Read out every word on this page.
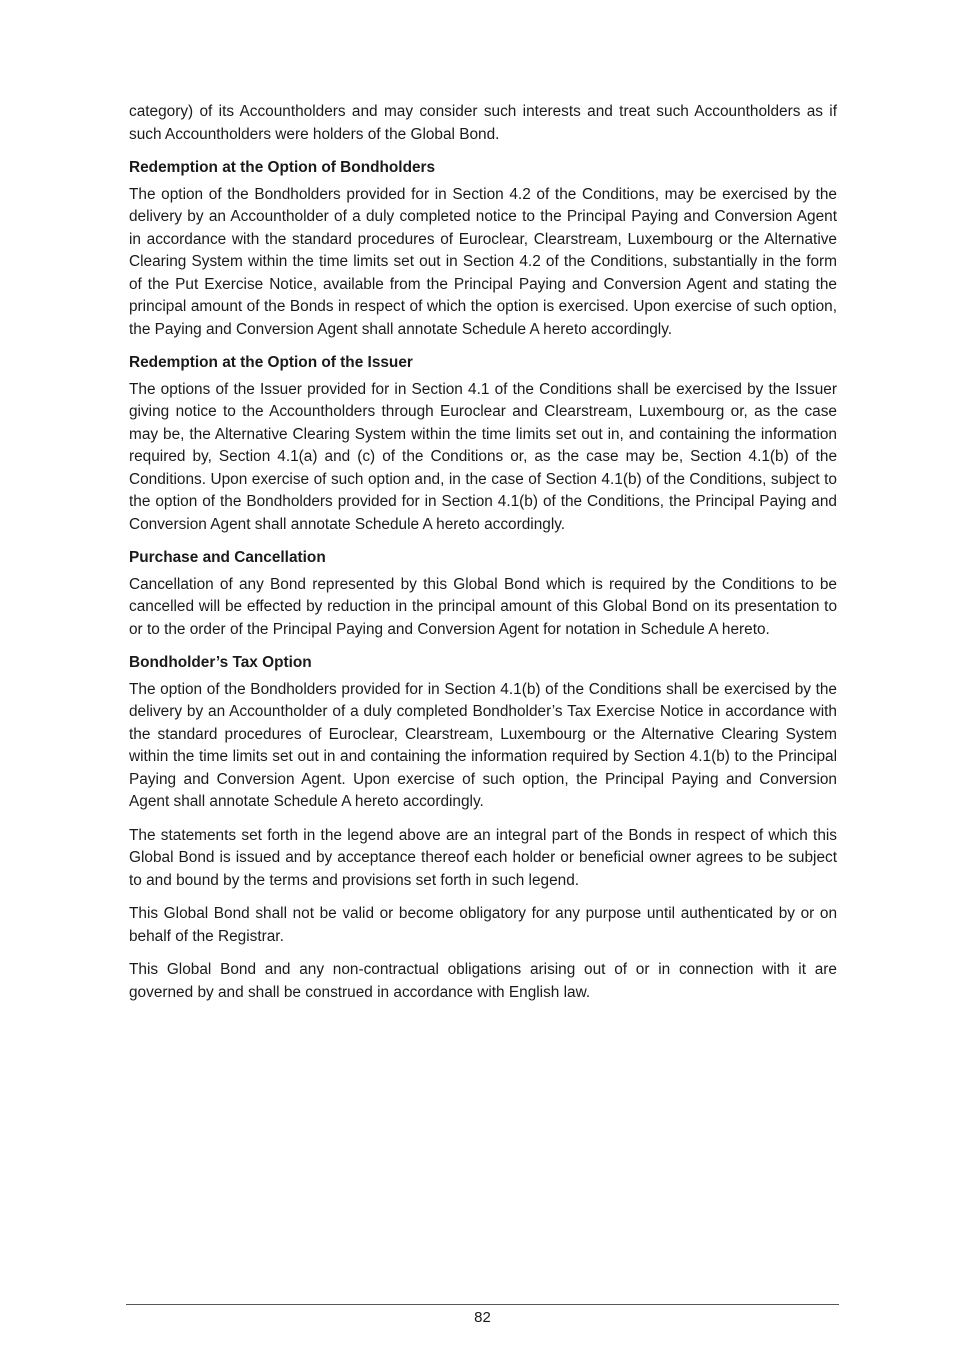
category) of its Accountholders and may consider such interests and treat such Accountholders as if such Accountholders were holders of the Global Bond.

Redemption at the Option of Bondholders

The option of the Bondholders provided for in Section 4.2 of the Conditions, may be exercised by the delivery by an Accountholder of a duly completed notice to the Principal Paying and Conversion Agent in accordance with the standard procedures of Euroclear, Clearstream, Luxembourg or the Alternative Clearing System within the time limits set out in Section 4.2 of the Conditions, substantially in the form of the Put Exercise Notice, available from the Principal Paying and Conversion Agent and stating the principal amount of the Bonds in respect of which the option is exercised. Upon exercise of such option, the Paying and Conversion Agent shall annotate Schedule A hereto accordingly.

Redemption at the Option of the Issuer

The options of the Issuer provided for in Section 4.1 of the Conditions shall be exercised by the Issuer giving notice to the Accountholders through Euroclear and Clearstream, Luxembourg or, as the case may be, the Alternative Clearing System within the time limits set out in, and containing the information required by, Section 4.1(a) and (c) of the Conditions or, as the case may be, Section 4.1(b) of the Conditions. Upon exercise of such option and, in the case of Section 4.1(b) of the Conditions, subject to the option of the Bondholders provided for in Section 4.1(b) of the Conditions, the Principal Paying and Conversion Agent shall annotate Schedule A hereto accordingly.

Purchase and Cancellation

Cancellation of any Bond represented by this Global Bond which is required by the Conditions to be cancelled will be effected by reduction in the principal amount of this Global Bond on its presentation to or to the order of the Principal Paying and Conversion Agent for notation in Schedule A hereto.

Bondholder’s Tax Option

The option of the Bondholders provided for in Section 4.1(b) of the Conditions shall be exercised by the delivery by an Accountholder of a duly completed Bondholder’s Tax Exercise Notice in accordance with the standard procedures of Euroclear, Clearstream, Luxembourg or the Alternative Clearing System within the time limits set out in and containing the information required by Section 4.1(b) to the Principal Paying and Conversion Agent. Upon exercise of such option, the Principal Paying and Conversion Agent shall annotate Schedule A hereto accordingly.

The statements set forth in the legend above are an integral part of the Bonds in respect of which this Global Bond is issued and by acceptance thereof each holder or beneficial owner agrees to be subject to and bound by the terms and provisions set forth in such legend.

This Global Bond shall not be valid or become obligatory for any purpose until authenticated by or on behalf of the Registrar.

This Global Bond and any non-contractual obligations arising out of or in connection with it are governed by and shall be construed in accordance with English law.

82
